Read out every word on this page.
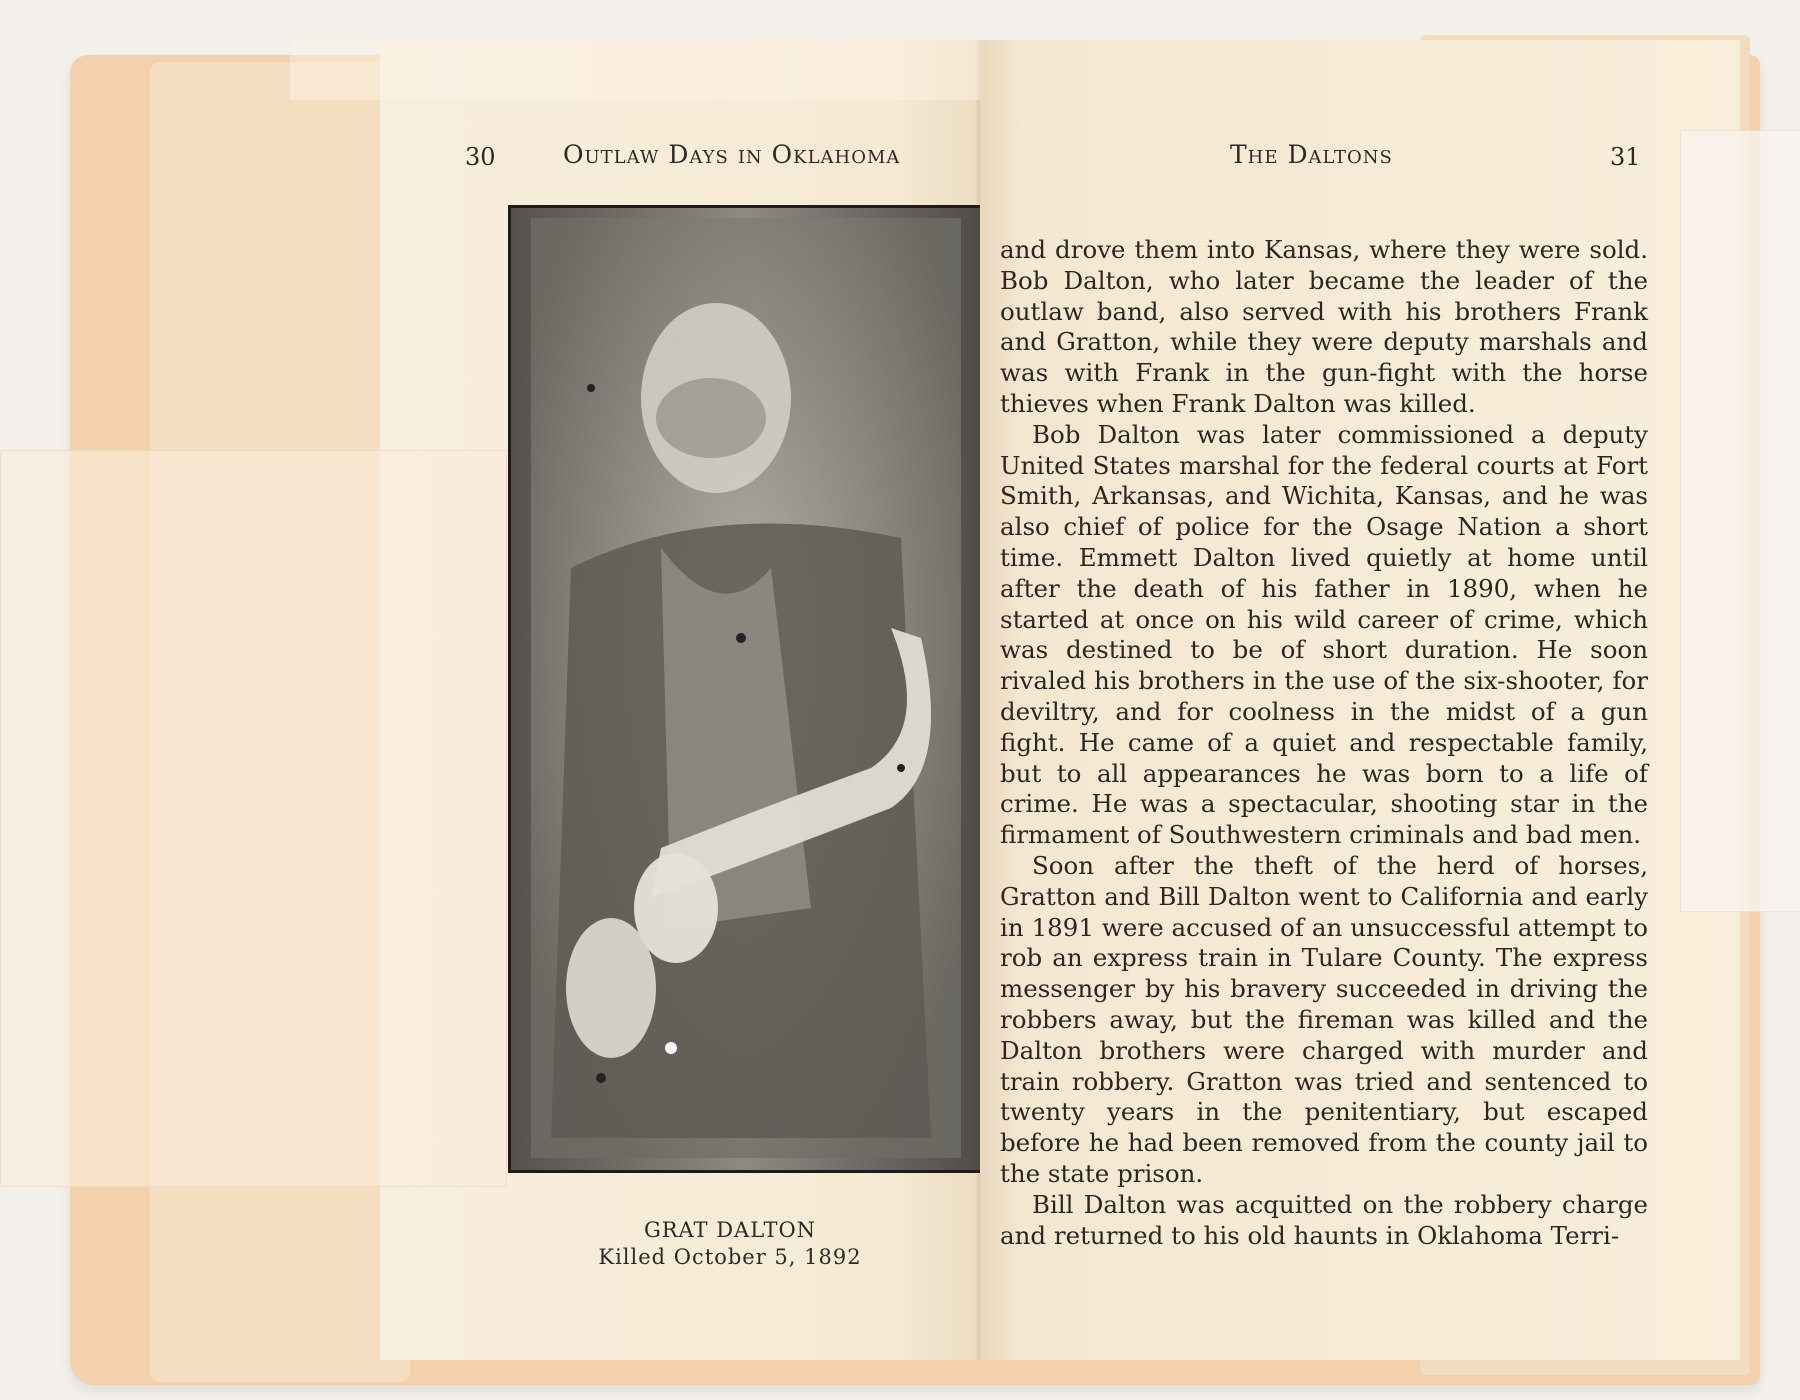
30	Outlaw Days in Oklahoma
GRAT DALTON
Killed October 5, 1892
The Daltons	31

and drove them into Kansas, where they were sold. Bob Dalton, who later became the leader of the outlaw band, also served with his brothers Frank and Gratton, while they were deputy marshals and was with Frank in the gun-fight with the horse thieves when Frank Dalton was killed.

Bob Dalton was later commissioned a deputy United States marshal for the federal courts at Fort Smith, Arkansas, and Wichita, Kansas, and he was also chief of police for the Osage Nation a short time. Emmett Dalton lived quietly at home until after the death of his father in 1890, when he started at once on his wild career of crime, which was destined to be of short duration. He soon rivaled his brothers in the use of the six-shooter, for deviltry, and for coolness in the midst of a gun fight. He came of a quiet and respectable family, but to all appearances he was born to a life of crime. He was a spectacular, shooting star in the firmament of Southwestern criminals and bad men.

Soon after the theft of the herd of horses, Gratton and Bill Dalton went to California and early in 1891 were accused of an unsuccessful attempt to rob an express train in Tulare County. The express messenger by his bravery succeeded in driving the robbers away, but the fireman was killed and the Dalton brothers were charged with murder and train robbery. Gratton was tried and sentenced to twenty years in the penitentiary, but escaped before he had been removed from the county jail to the state prison.

Bill Dalton was acquitted on the robbery charge and returned to his old haunts in Oklahoma Terri-
